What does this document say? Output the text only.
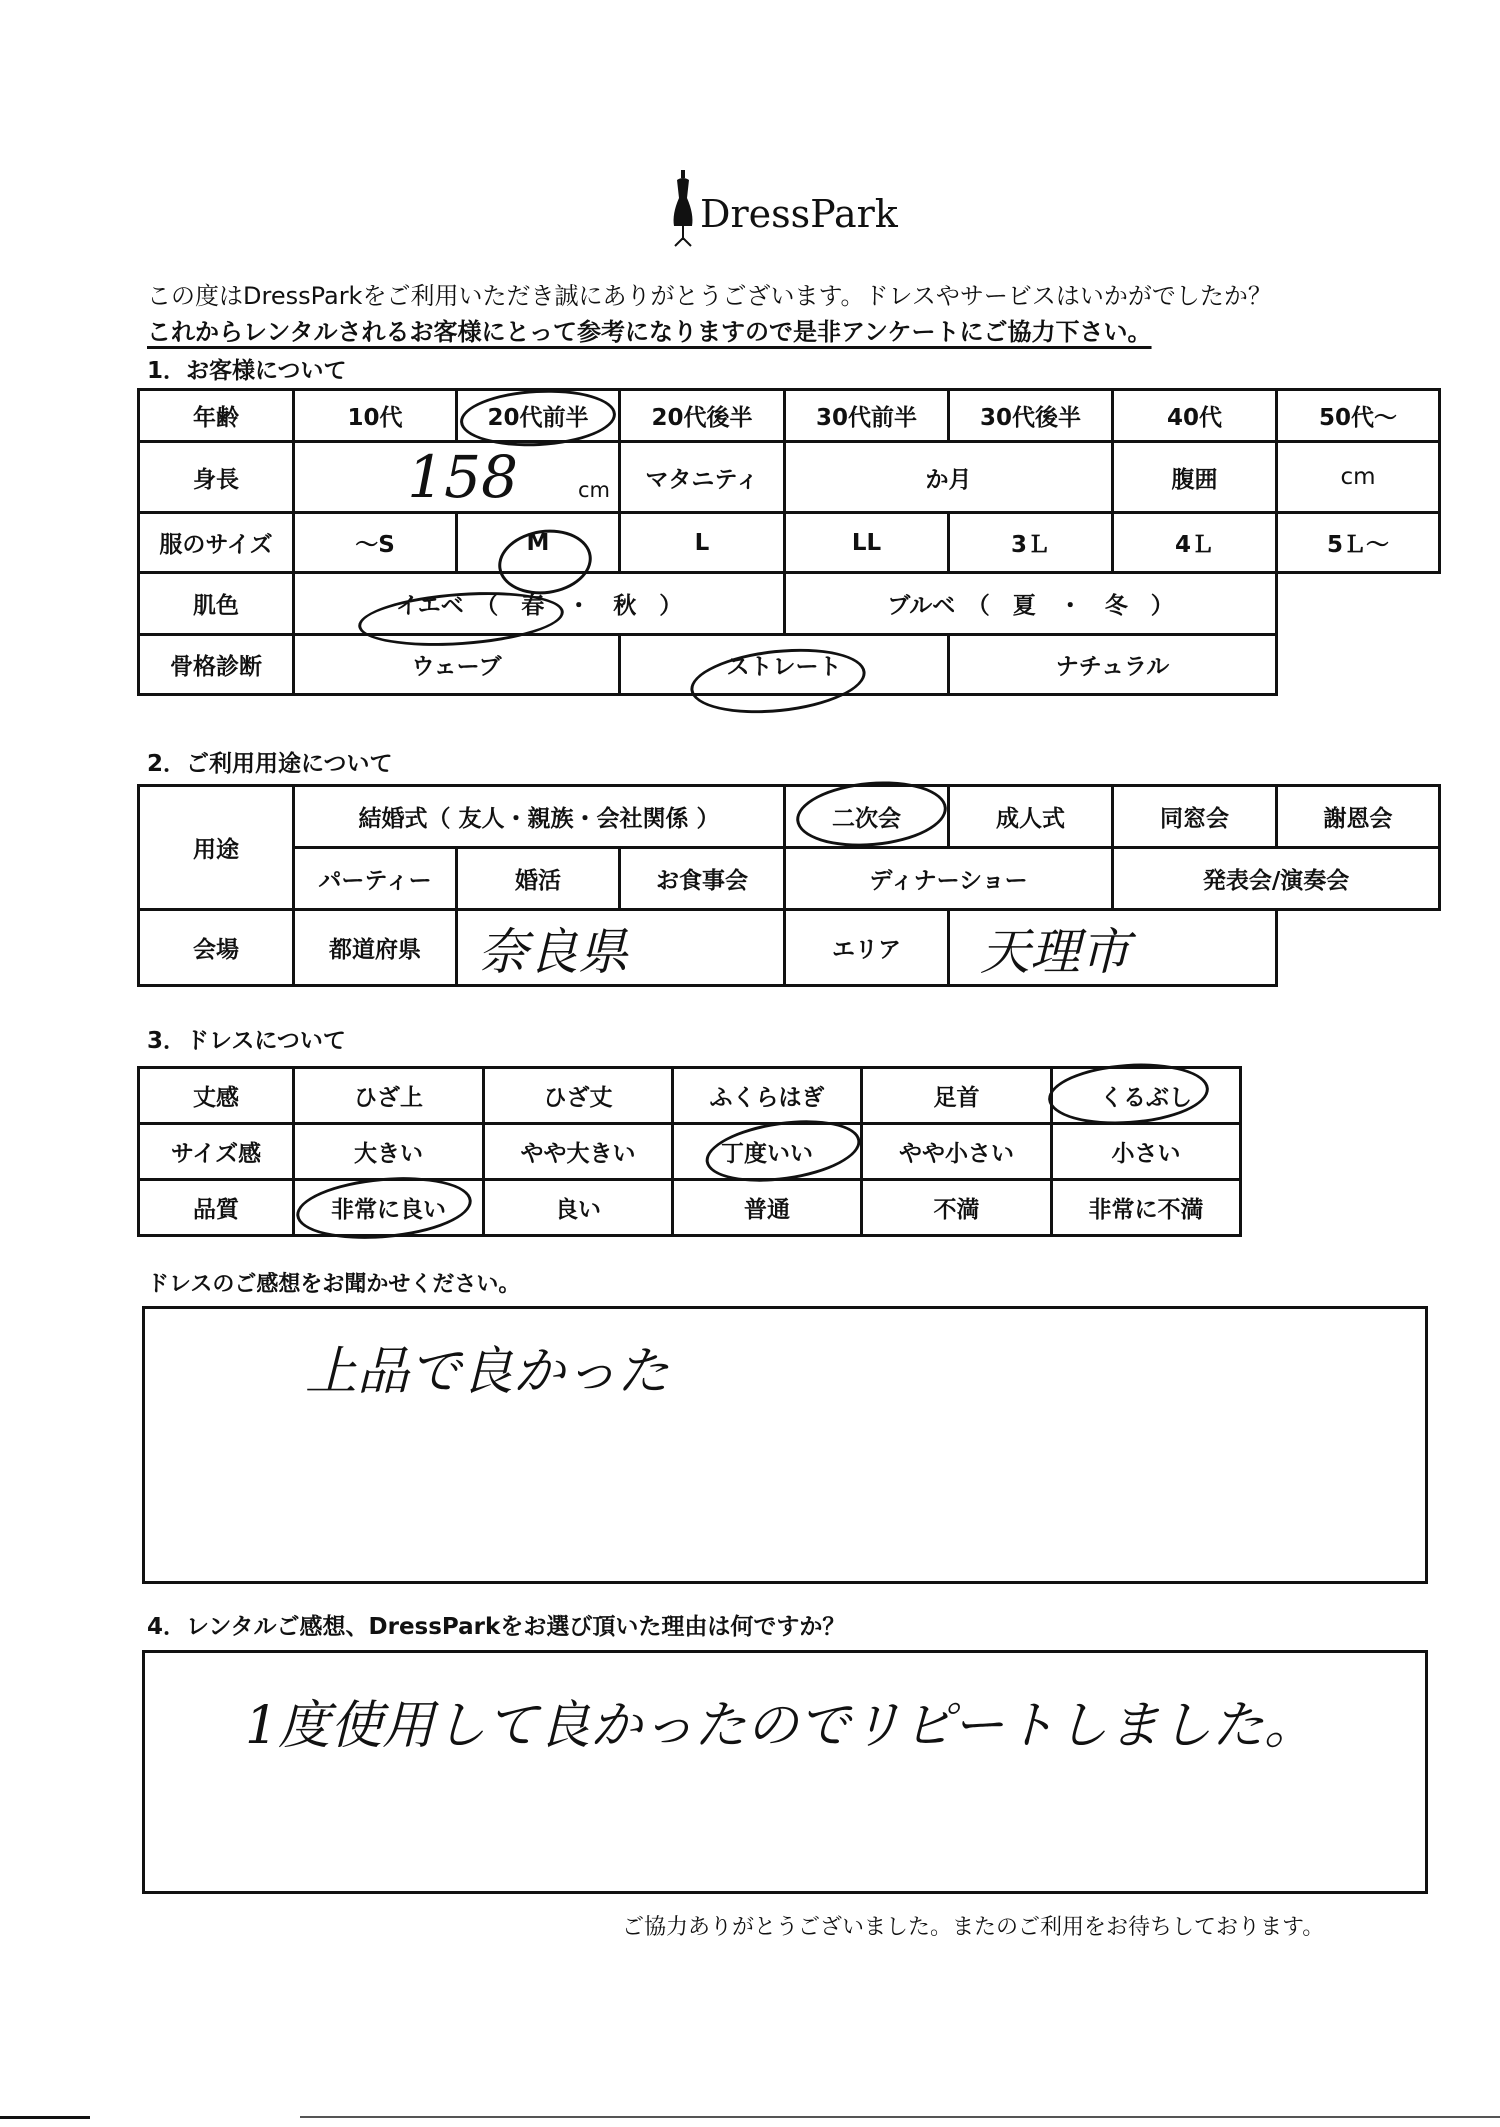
DressPark
この度はDressParkをご利用いただき誠にありがとうございます。ドレスやサービスはいかがでしたか？
これからレンタルされるお客様にとって参考になりますので是非アンケートにご協力下さい。
1．お客様について
年齢	10代	20代前半	20代後半	30代前半	30代後半	40代	50代～
身長	158 cm		マタニティ	か月		腹囲	cm
服のサイズ	～S	M	L	LL	3Ｌ	4Ｌ	5Ｌ～
肌色	イエベ　（　春　・　秋　）			ブルベ　（　夏　・　冬　）			
骨格診断	ウェーブ		ストレート		ナチュラル		
2．ご利用用途について
用途	結婚式（ 友人・親族・会社関係 ）			二次会	成人式	同窓会	謝恩会
	パーティー	婚活	お食事会	ディナーショー		発表会/演奏会	
会場	都道府県	奈良県		エリア	天理市		
3．ドレスについて
丈感	ひざ上	ひざ丈	ふくらはぎ	足首	くるぶし
サイズ感	大きい	やや大きい	丁度いい	やや小さい	小さい
品質	非常に良い	良い	普通	不満	非常に不満
ドレスのご感想をお聞かせください。
上品で良かった
4．レンタルご感想、DressParkをお選び頂いた理由は何ですか？
1度使用して良かったのでリピートしました。
ご協力ありがとうございました。またのご利用をお待ちしております。
